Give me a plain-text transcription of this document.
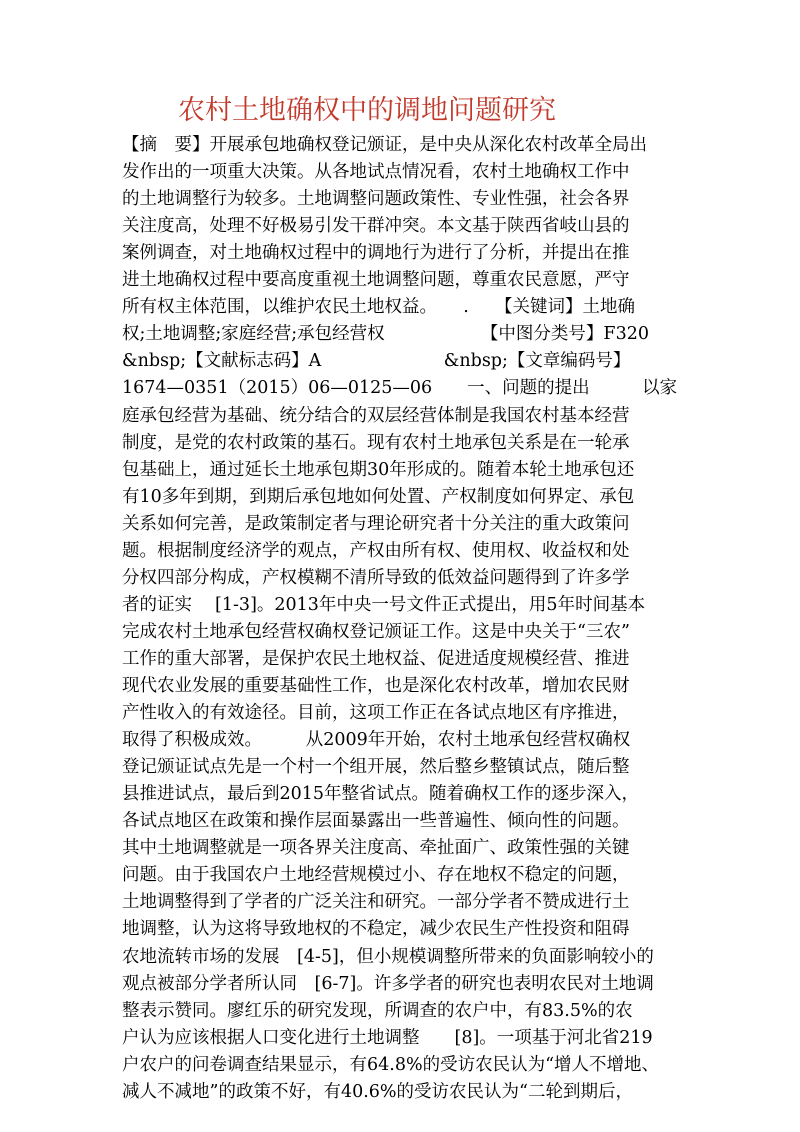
农村土地确权中的调地问题研究
【摘　要】开展承包地确权登记颁证，是中央从深化农村改革全局出
发作出的一项重大决策。从各地试点情况看，农村土地确权工作中
的土地调整行为较多。土地调整问题政策性、专业性强，社会各界
关注度高，处理不好极易引发干群冲突。本文基于陕西省岐山县的
案例调查，对土地确权过程中的调地行为进行了分析，并提出在推
进土地确权过程中要高度重视土地调整问题，尊重农民意愿，严守
所有权主体范围，以维护农民土地权益。　　.　　【关键词】土地确
权;土地调整;家庭经营;承包经营权　　　　　　【中图分类号】F320
&nbsp;【文献标志码】A　　　　　　　&nbsp;【文章编码号】
1674—0351（2015）06—0125—06　　一、问题的提出　　　以家
庭承包经营为基础、统分结合的双层经营体制是我国农村基本经营
制度，是党的农村政策的基石。现有农村土地承包关系是在一轮承
包基础上，通过延长土地承包期30年形成的。随着本轮土地承包还
有10多年到期，到期后承包地如何处置、产权制度如何界定、承包
关系如何完善，是政策制定者与理论研究者十分关注的重大政策问
题。根据制度经济学的观点，产权由所有权、使用权、收益权和处
分权四部分构成，产权模糊不清所导致的低效益问题得到了许多学
者的证实　 [1-3]。2013年中央一号文件正式提出，用5年时间基本
完成农村土地承包经营权确权登记颁证工作。这是中央关于“三农”
工作的重大部署，是保护农民土地权益、促进适度规模经营、推进
现代农业发展的重要基础性工作，也是深化农村改革，增加农民财
产性收入的有效途径。目前，这项工作正在各试点地区有序推进，
取得了积极成效。　　　从2009年开始，农村土地承包经营权确权
登记颁证试点先是一个村一个组开展，然后整乡整镇试点，随后整
县推进试点，最后到2015年整省试点。随着确权工作的逐步深入，
各试点地区在政策和操作层面暴露出一些普遍性、倾向性的问题。
其中土地调整就是一项各界关注度高、牵扯面广、政策性强的关键
问题。由于我国农户土地经营规模过小、存在地权不稳定的问题，
土地调整得到了学者的广泛关注和研究。一部分学者不赞成进行土
地调整，认为这将导致地权的不稳定，减少农民生产性投资和阻碍
农地流转市场的发展　[4-5]，但小规模调整所带来的负面影响较小的
观点被部分学者所认同　[6-7]。许多学者的研究也表明农民对土地调
整表示赞同。廖红乐的研究发现，所调查的农户中，有83.5%的农
户认为应该根据人口变化进行土地调整　　[8]。一项基于河北省219
户农户的问卷调查结果显示，有64.8%的受访农民认为“增人不增地、
减人不减地”的政策不好，有40.6%的受访农民认为“二轮到期后，
